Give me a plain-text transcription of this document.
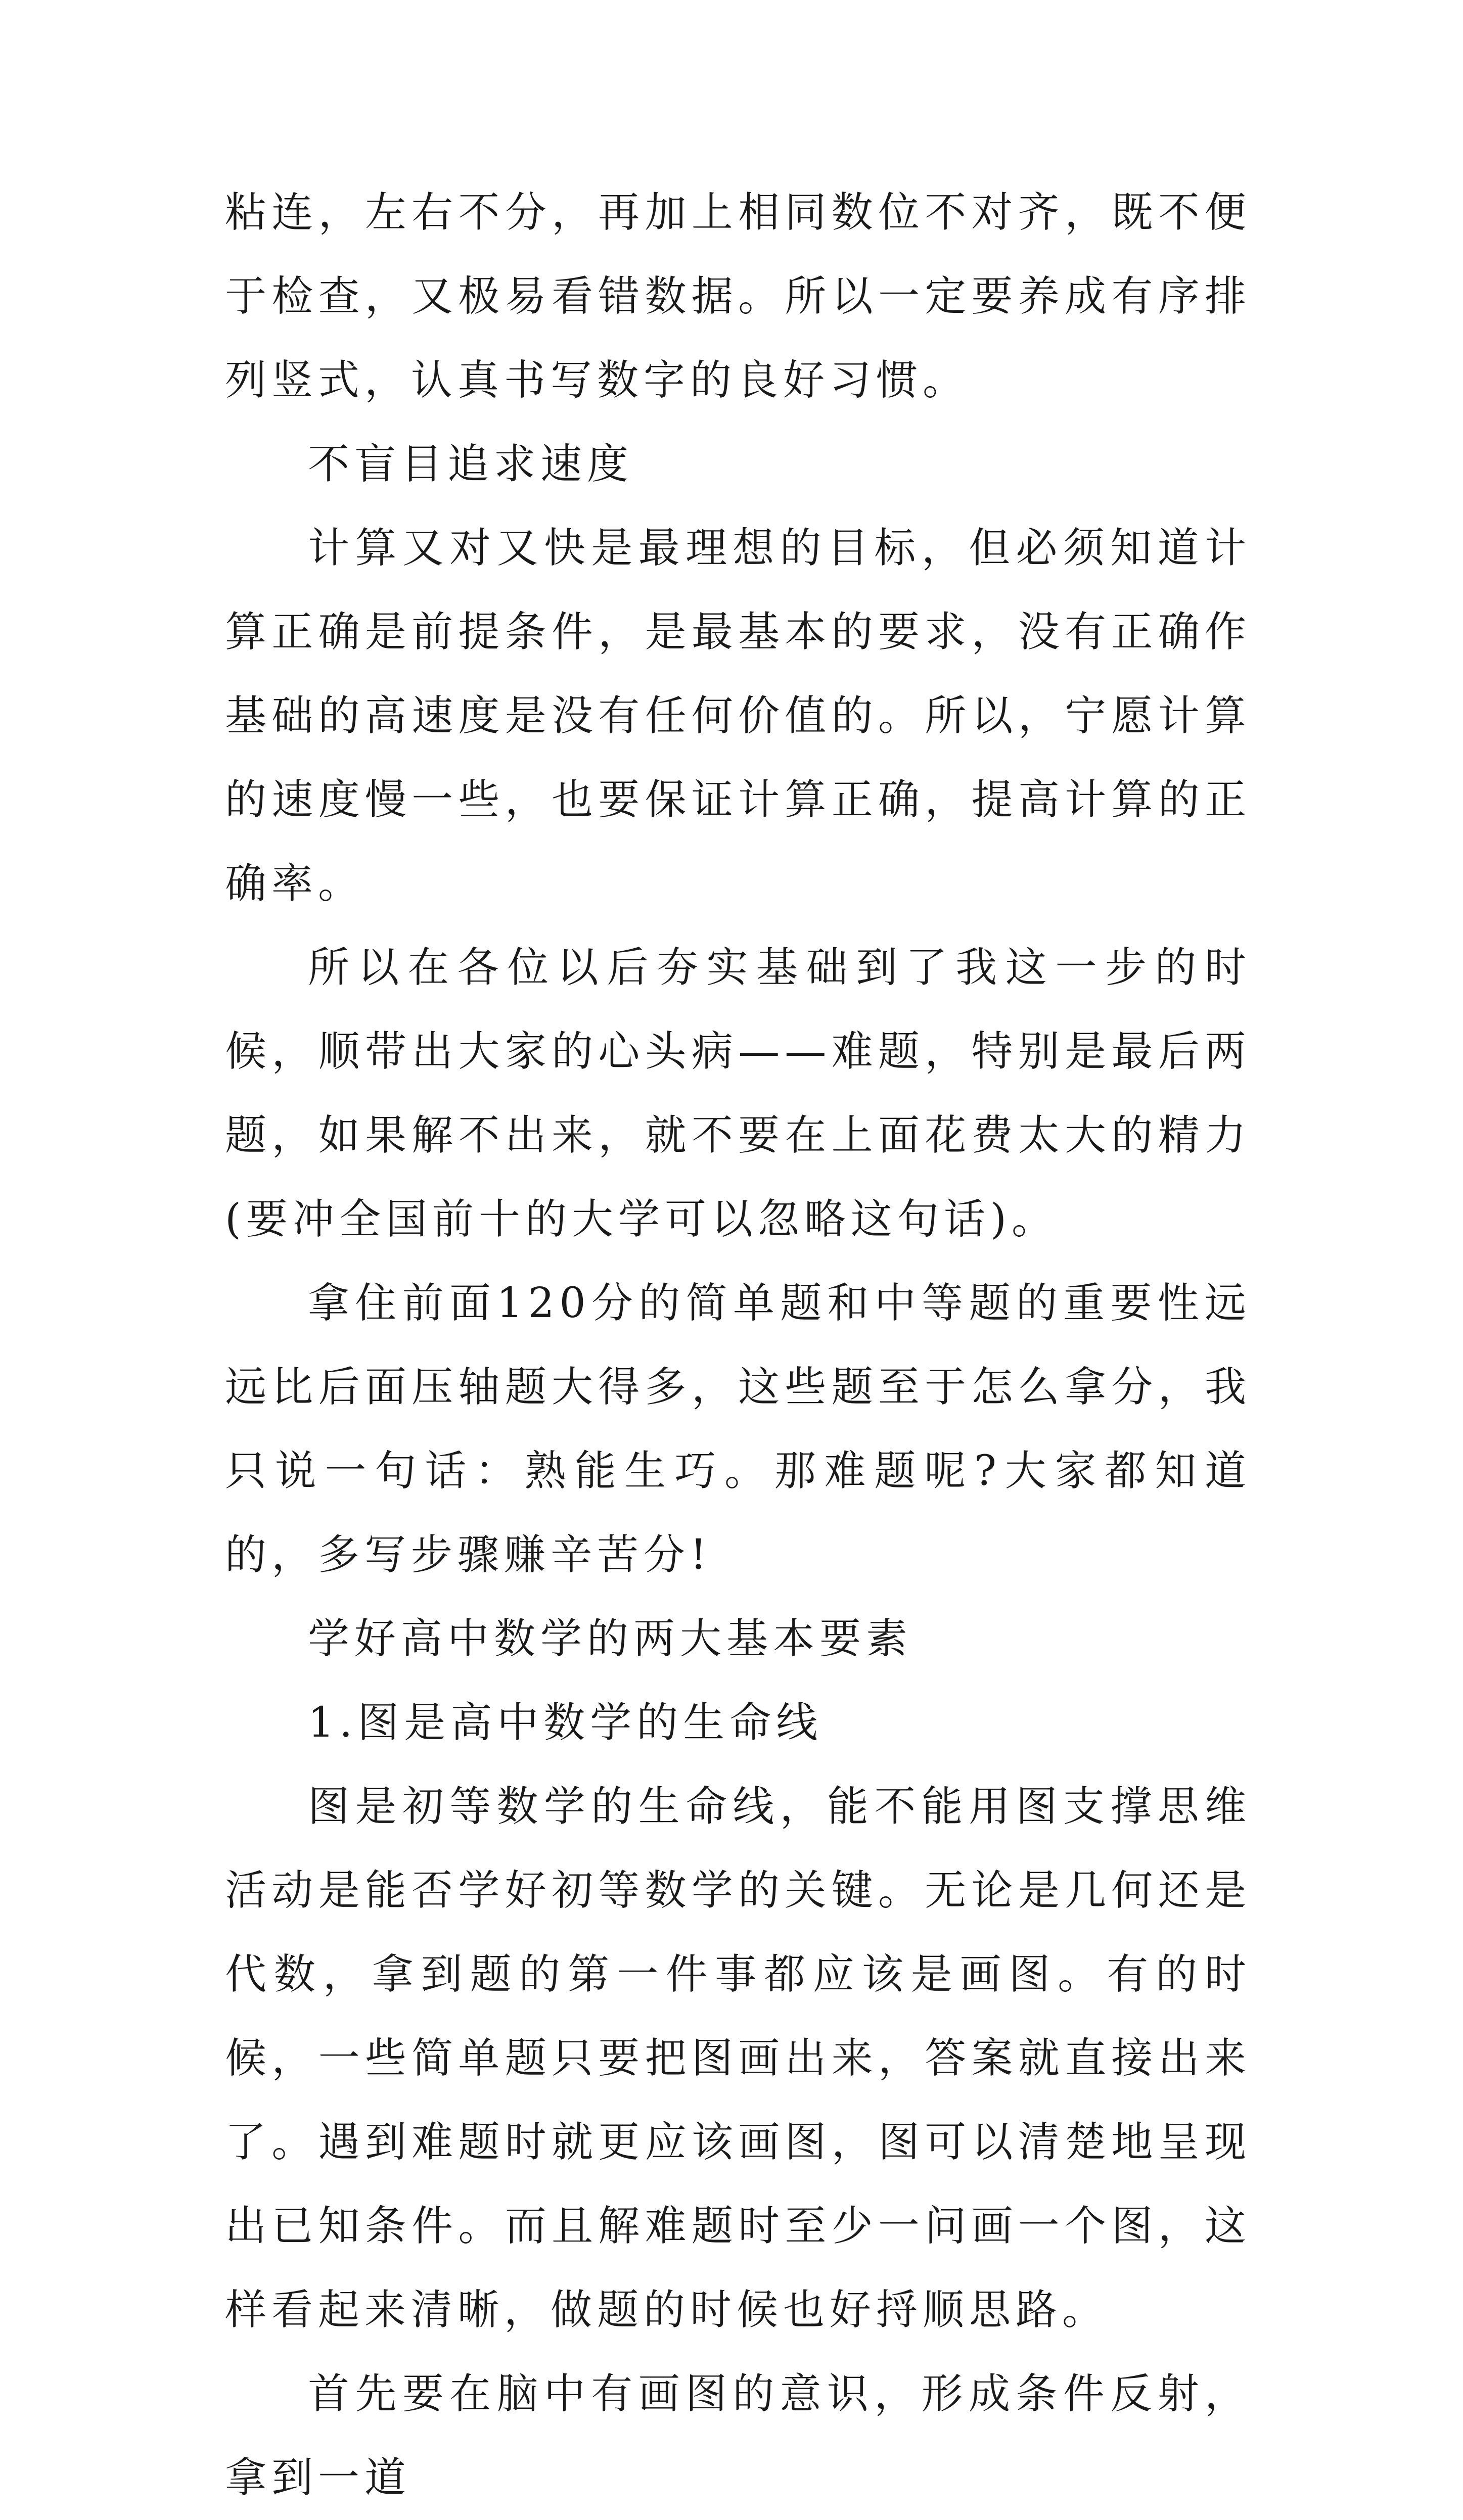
粘连，左右不分，再加上相同数位不对齐，既不便于检查，又极易看错数据。所以一定要养成有序排列竖式，认真书写数字的良好习惯。

不盲目追求速度

计算又对又快是最理想的目标，但必须知道计算正确是前提条件，是最基本的要求，没有正确作基础的高速度是没有任何价值的。所以，宁愿计算的速度慢一些，也要保证计算正确，提高计算的正确率。

所以在各位以后夯实基础到了我这一步的时候，顺带出大家的心头病——难题，特别是最后两题，如果解不出来，就不要在上面花费太大的精力(要冲全国前十的大学可以忽略这句话)。

拿住前面120分的简单题和中等题的重要性远远比后面压轴题大得多，这些题至于怎么拿分，我只说一句话：熟能生巧。那难题呢?大家都知道的，多写步骤赚辛苦分!

学好高中数学的两大基本要素

1.图是高中数学的生命线

图是初等数学的生命线，能不能用图支撑思维活动是能否学好初等数学的关键。无论是几何还是代数，拿到题的第一件事都应该是画图。有的时候，一些简单题只要把图画出来，答案就直接出来了。遇到难题时就更应该画图，图可以清楚地呈现出已知条件。而且解难题时至少一问画一个图，这样看起来清晰，做题的时候也好捋顺思路。

首先要在脑中有画图的意识，形成条件反射，拿到一道
